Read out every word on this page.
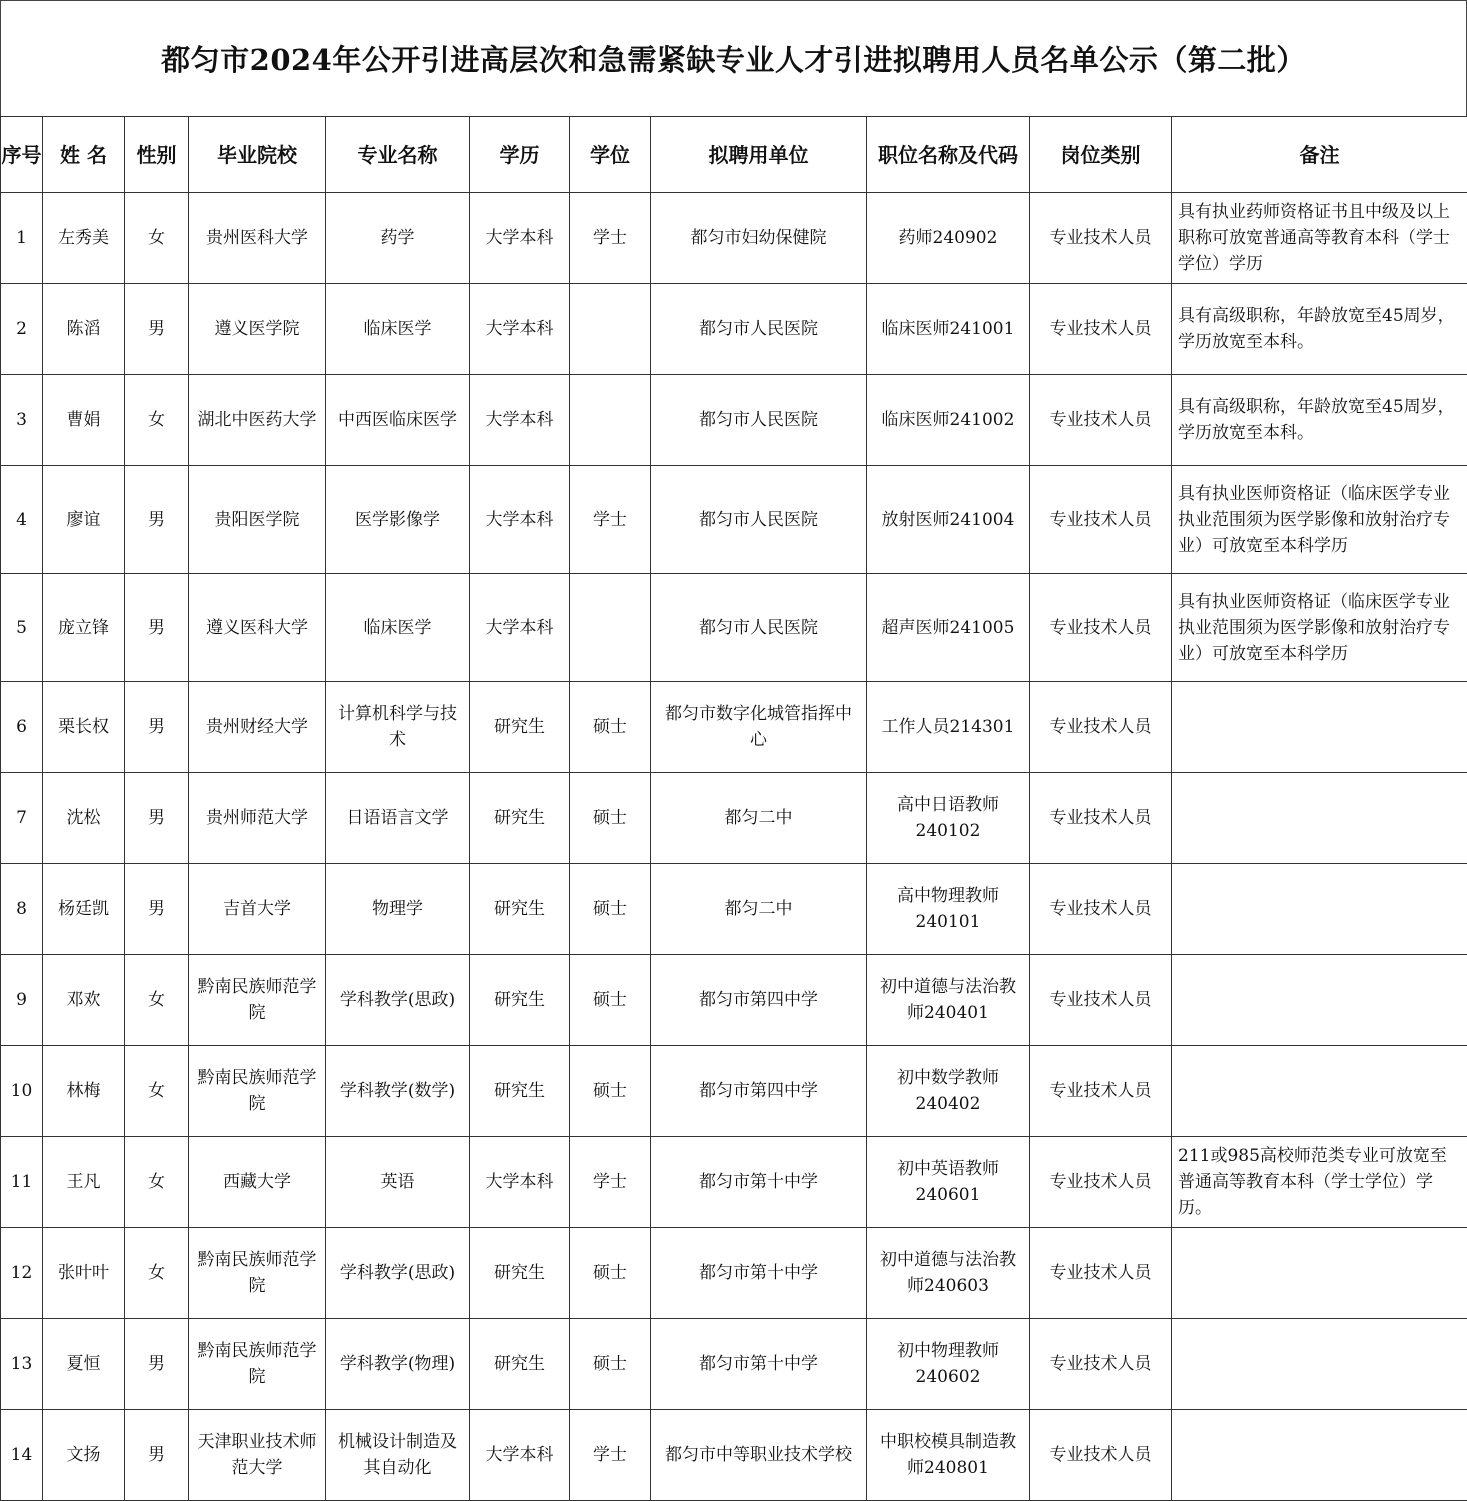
都匀市2024年公开引进高层次和急需紧缺专业人才引进拟聘用人员名单公示（第二批）
序号	姓 名	性别	毕业院校	专业名称	学历	学位	拟聘用单位	职位名称及代码	岗位类别	备注
1	左秀美	女	贵州医科大学	药学	大学本科	学士	都匀市妇幼保健院	药师240902	专业技术人员	具有执业药师资格证书且中级及以上职称可放宽普通高等教育本科（学士学位）学历
2	陈滔	男	遵义医学院	临床医学	大学本科		都匀市人民医院	临床医师241001	专业技术人员	具有高级职称，年龄放宽至45周岁，学历放宽至本科。
3	曹娟	女	湖北中医药大学	中西医临床医学	大学本科		都匀市人民医院	临床医师241002	专业技术人员	具有高级职称，年龄放宽至45周岁，学历放宽至本科。
4	廖谊	男	贵阳医学院	医学影像学	大学本科	学士	都匀市人民医院	放射医师241004	专业技术人员	具有执业医师资格证（临床医学专业执业范围须为医学影像和放射治疗专业）可放宽至本科学历
5	庞立锋	男	遵义医科大学	临床医学	大学本科		都匀市人民医院	超声医师241005	专业技术人员	具有执业医师资格证（临床医学专业执业范围须为医学影像和放射治疗专业）可放宽至本科学历
6	栗长权	男	贵州财经大学	计算机科学与技术	研究生	硕士	都匀市数字化城管指挥中心	工作人员214301	专业技术人员	
7	沈松	男	贵州师范大学	日语语言文学	研究生	硕士	都匀二中	高中日语教师240102	专业技术人员	
8	杨廷凯	男	吉首大学	物理学	研究生	硕士	都匀二中	高中物理教师240101	专业技术人员	
9	邓欢	女	黔南民族师范学院	学科教学(思政)	研究生	硕士	都匀市第四中学	初中道德与法治教师240401	专业技术人员	
10	林梅	女	黔南民族师范学院	学科教学(数学)	研究生	硕士	都匀市第四中学	初中数学教师240402	专业技术人员	
11	王凡	女	西藏大学	英语	大学本科	学士	都匀市第十中学	初中英语教师240601	专业技术人员	211或985高校师范类专业可放宽至普通高等教育本科（学士学位）学历。
12	张叶叶	女	黔南民族师范学院	学科教学(思政)	研究生	硕士	都匀市第十中学	初中道德与法治教师240603	专业技术人员	
13	夏恒	男	黔南民族师范学院	学科教学(物理)	研究生	硕士	都匀市第十中学	初中物理教师240602	专业技术人员	
14	文扬	男	天津职业技术师范大学	机械设计制造及其自动化	大学本科	学士	都匀市中等职业技术学校	中职校模具制造教师240801	专业技术人员	
